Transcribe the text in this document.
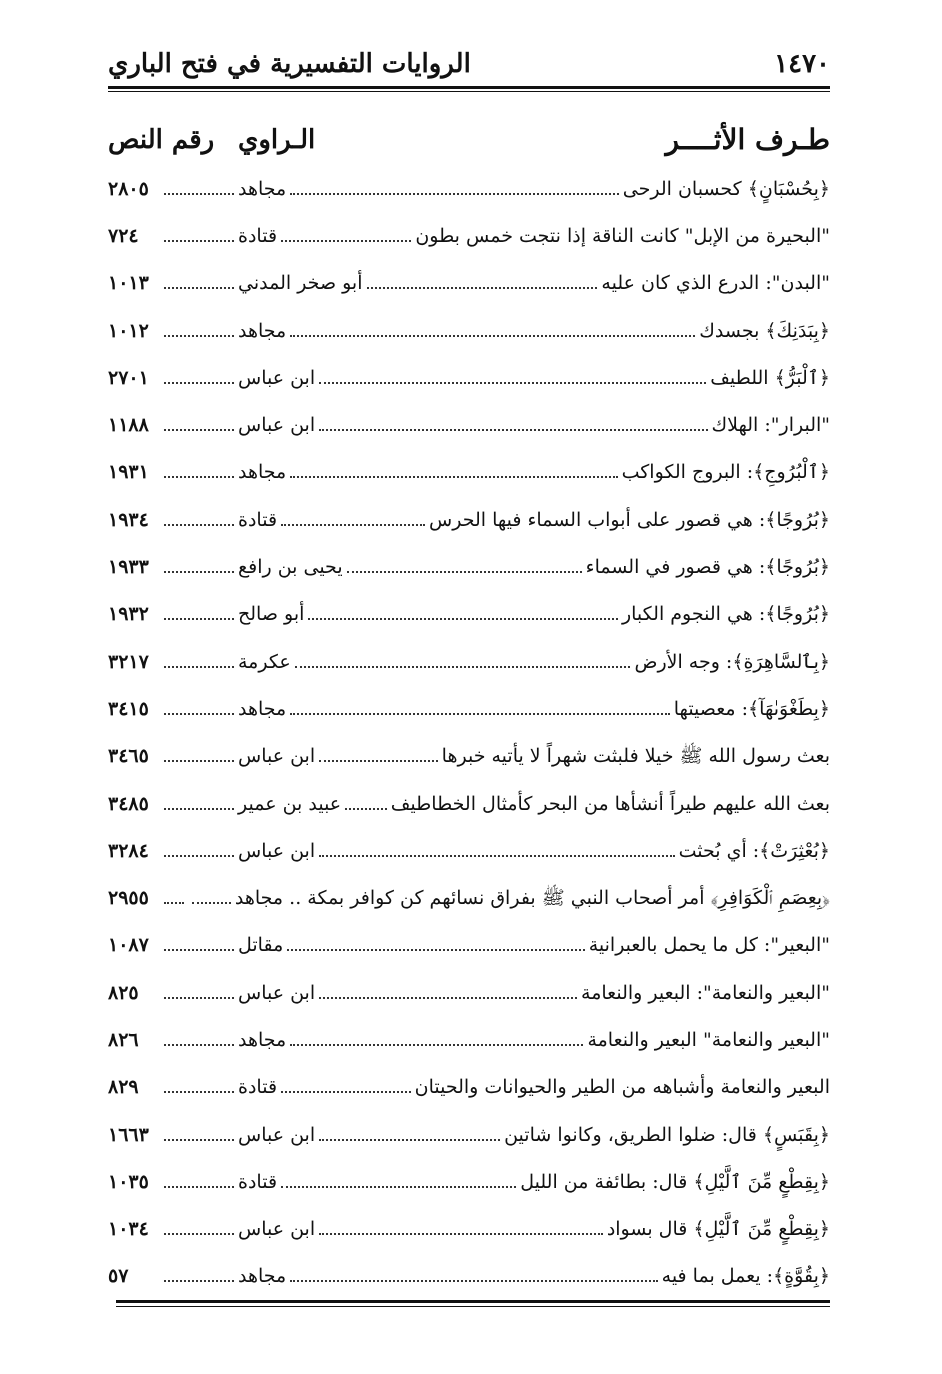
١٤٧٠
الروايات التفسيرية في فتح الباري
طـرف الأثــــر
الـراوي
رقم النص
﴿بِحُسْبَانٍ﴾ كحسبان الرحى
مجاهد
٢٨٠٥
"البحيرة من الإبل" كانت الناقة إذا نتجت خمس بطون
قتادة
٧٢٤
"البدن": الدرع الذي كان عليه
أبو صخر المدني
١٠١٣
﴿بِبَدَنِكَ﴾ بجسدك
مجاهد
١٠١٢
﴿ٱلْبَرُّ﴾ اللطيف
ابن عباس
٢٧٠١
"البرار": الهلاك
ابن عباس
١١٨٨
﴿ٱلْبُرُوجِ﴾: البروج الكواكب
مجاهد
١٩٣١
﴿بُرُوجًا﴾: هي قصور على أبواب السماء فيها الحرس
قتادة
١٩٣٤
﴿بُرُوجًا﴾: هي قصور في السماء
يحيى بن رافع
١٩٣٣
﴿بُرُوجًا﴾: هي النجوم الكبار
أبو صالح
١٩٣٢
﴿بِٱلسَّاهِرَةِ﴾: وجه الأرض
عكرمة
٣٢١٧
﴿بِطَغْوَىٰهَآ﴾: معصيتها
مجاهد
٣٤١٥
بعث رسول الله ﷺ خيلا فلبثت شهراً لا يأتيه خبرها
ابن عباس
٣٤٦٥
بعث الله عليهم طيراً أنشأها من البحر كأمثال الخطاطيف
عبيد بن عمير
٣٤٨٥
﴿بُعْثِرَتْ﴾: أي بُحثت
ابن عباس
٣٢٨٤
﴿بِعِصَمِ ٱلْكَوَافِرِ﴾ أمر أصحاب النبي ﷺ بفراق نسائهم كن كوافر بمكة .. مجاهد
٢٩٥٥
"البعير": كل ما يحمل بالعبرانية
مقاتل
١٠٨٧
"البعير والنعامة": البعير والنعامة
ابن عباس
٨٢٥
"البعير والنعامة" البعير والنعامة
مجاهد
٨٢٦
البعير والنعامة وأشباهه من الطير والحيوانات والحيتان
قتادة
٨٢٩
﴿بِقَبَسٍ﴾ قال: ضلوا الطريق، وكانوا شاتين
ابن عباس
١٦٦٣
﴿بِقِطْعٍ مِّنَ ٱلَّيْلِ﴾ قال: بطائفة من الليل
قتادة
١٠٣٥
﴿بِقِطْعٍ مِّنَ ٱلَّيْلِ﴾ قال بسواد
ابن عباس
١٠٣٤
﴿بِقُوَّةٍ﴾: يعمل بما فيه
مجاهد
٥٧
